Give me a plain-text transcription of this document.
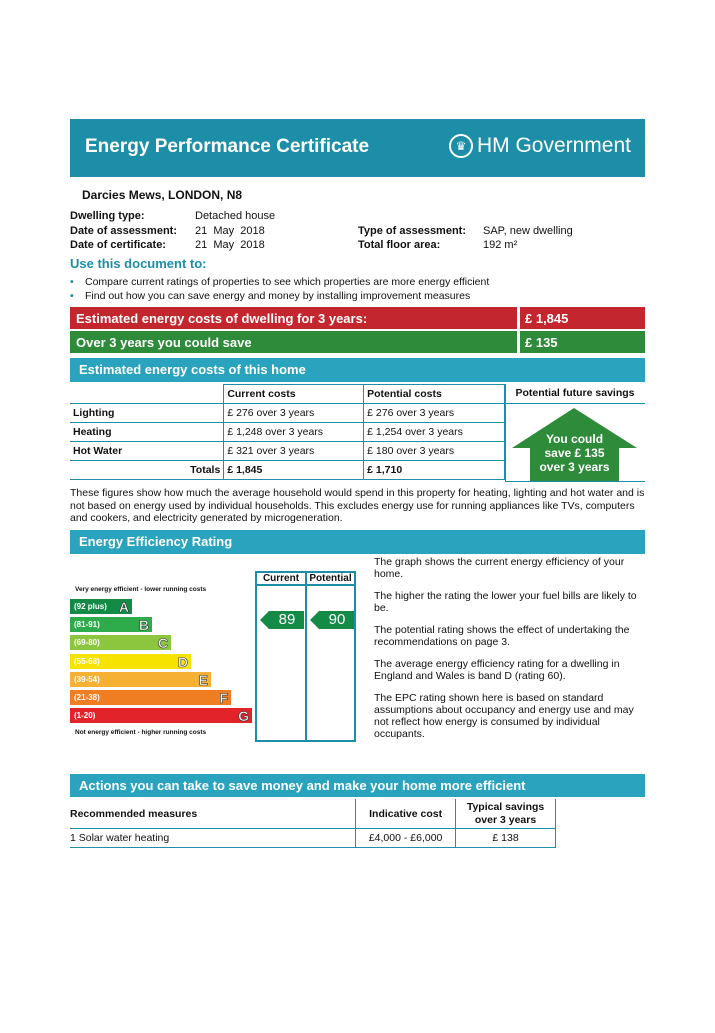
Energy Performance Certificate	♛ HM Government
Darcies Mews, LONDON, N8
Dwelling type:	Detached house
Date of assessment: 21  May  2018
Date of certificate:	21  May  2018
Type of assessment: SAP, new dwelling
Total floor area:	192 m²
Use this document to:
• Compare current ratings of properties to see which properties are more energy efficient
• Find out how you can save energy and money by installing improvement measures
Estimated energy costs of dwelling for 3 years:	£ 1,845
Over 3 years you could save	£ 135
Estimated energy costs of this home
	Current costs	Potential costs
Lighting	£ 276 over 3 years	£ 276 over 3 years
Heating	£ 1,248 over 3 years	£ 1,254 over 3 years
Hot Water	£ 321 over 3 years	£ 180 over 3 years
Totals	£ 1,845	£ 1,710
Potential future savings
You could
save £ 135
over 3 years
These figures show how much the average household would spend in this property for heating, lighting and hot water and is not based on energy used by individual households. This excludes energy use for running appliances like TVs, computers and cookers, and electricity generated by microgeneration.
Energy Efficiency Rating
Current	Potential
Very energy efficient - lower running costs
Not energy efficient - higher running costs
(92 plus) A
(81-91)	B
(69-80)	C
(55-68)	D
(39-54)	E
(21-38)	F
(1-20)	G
89	90

The graph shows the current energy efficiency of your home.

The higher the rating the lower your fuel bills are likely to be.

The potential rating shows the effect of undertaking the recommendations on page 3.

The average energy efficiency rating for a dwelling in England and Wales is band D (rating 60).

The EPC rating shown here is based on standard assumptions about occupancy and energy use and may not reflect how energy is consumed by individual occupants.

Actions you can take to save money and make your home more efficient
Recommended measures	Indicative cost	Typical savings over 3 years
1 Solar water heating	£4,000 - £6,000	£ 138
